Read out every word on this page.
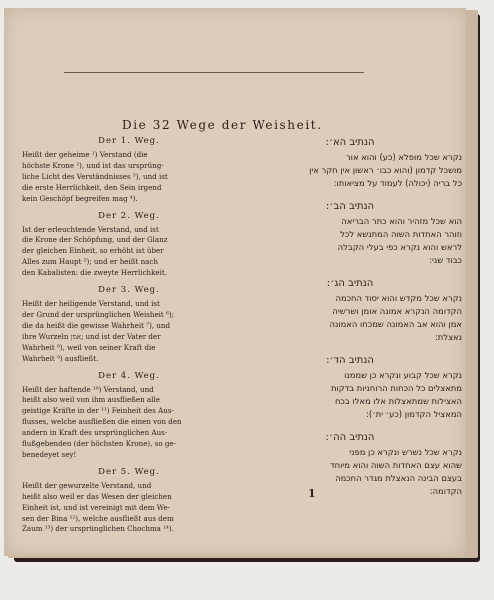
Die 32 Wege der Weisheit.
Der 1. Weg.
Heißt der geheime ¹) Verstand (die
höchste Krone ²), und ist das ursprüng-
liche Licht des Verständnisses ³), und ist
die erste Herrlichkeit, den Sein irgend
kein Geschöpf begreifen mag ⁴).
Der 2. Weg.
Ist der erleuchtende Verstand, und ist
die Krone der Schöpfung, und der Glanz
der gleichen Einheit, so erhöht ist über
Alles zum Haupt ⁵); und er heißt nach
den Kabalisten: die zweyte Herrlichkeit.
Der 3. Weg.
Heißt der heiligende Verstand, und ist
der Grund der ursprünglichen Weisheit ⁶);
die da heißt die gewisse Wahrheit ⁷), und
ihre Wurzeln אמן; und ist der Vater der
Wahrheit ⁸), weil von seiner Kraft die
Wahrheit ⁹) ausfließt.
Der 4. Weg.
Heißt der haftende ¹⁰) Verstand, und
heißt also weil von ihm ausfließen alle
geistige Kräfte in der ¹¹) Feinheit des Aus-
flusses, welche ausfließen die einen von den
andern in Kraft des ursprünglichen Aus-
flußgebenden (der höchsten Krone), so ge-
benedeyet sey!
Der 5. Weg.
Heißt der gewurzelte Verstand, und
heißt also weil er das Wesen der gleichen
Einheit ist, und ist vereinigt mit dem We-
sen der Bina ¹²), welche ausfließt aus dem
Zaum ¹³) der ursprünglichen Chochma ¹⁴).
הנתיב הא׳:
נקרא שכל מופלא (כע) והוא אור
מושכל קדמון (והוא כבו׳ ראשון אין חקר אין
כל בריה (יכולה) לעמוד על מציאותו:
הנתיב הב׳:
הוא שכל מזהיר והוא כתר הבריאה
וזוהר האחדות השוה המתנשא לכל
לראש והוא נקרא כפי בעלי הקבלה
כבוד שני:
הנתיב הג׳:
נקרא שכל מקדש והוא יסוד החכמה
הקדומה הנקרא אמונה אומן ושרשיה
אמן והוא אב האמונה שמכחו האמונה
נאצלת:
הנתיב הד׳:
נקרא שכל קבוע ונקרא כן שממנו
מתאצלים כל הכחות הרוחניות בדקות
האצילות שמתאצלות אלו מאלו בכח
המאציל הקדמון (כע׳ ית׳):
הנתיב הה׳:
נקרא שכל נשרש ונקרא כן מפני
שהוא עצם האחדות השוה והוא מיוחד
בעצם הבינה הנאצלת מגדר החכמה
הקדומה:
1
